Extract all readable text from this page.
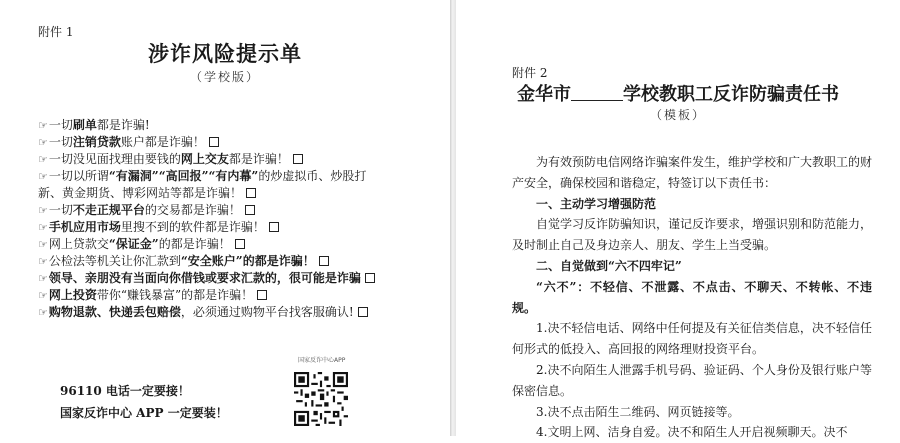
附件 1
涉诈风险提示单
（学校版）
☞一切刷单都是诈骗!
☞一切注销贷款账户都是诈骗！
☞一切没见面找理由要钱的网上交友都是诈骗！
☞一切以所谓“有漏洞”“高回报”“有内幕”的炒虚拟币、炒股打新、黄金期货、博彩网站等都是诈骗！
☞一切不走正规平台的交易都是诈骗！
☞手机应用市场里搜不到的软件都是诈骗！
☞网上贷款交“保证金”的都是诈骗！
☞公检法等机关让你汇款到“安全账户”的都是诈骗！
☞领导、亲朋没有当面向你借钱或要求汇款的，很可能是诈骗
☞网上投资带你“赚钱暴富”的都是诈骗！
☞购物退款、快递丢包赔偿，必须通过购物平台找客服确认!
96110 电话一定要接！
国家反诈中心 APP 一定要装！
国家反诈中心APP
附件 2
金华市	学校教职工反诈防骗责任书
（模板）

为有效预防电信网络诈骗案件发生，维护学校和广大教职工的财产安全，确保校园和谐稳定，特签订以下责任书：

一、主动学习增强防范

自觉学习反诈防骗知识，谨记反诈要求，增强识别和防范能力，及时制止自己及身边亲人、朋友、学生上当受骗。

二、自觉做到“六不四牢记”

“六不”：不轻信、不泄露、不点击、不聊天、不转帐、不违规。

1.决不轻信电话、网络中任何提及有关征信类信息，决不轻信任何形式的低投入、高回报的网络理财投资平台。

2.决不向陌生人泄露手机号码、验证码、个人身份及银行账户等保密信息。

3.决不点击陌生二维码、网页链接等。

4.文明上网、洁身自爱。决不和陌生人开启视频聊天。决不
